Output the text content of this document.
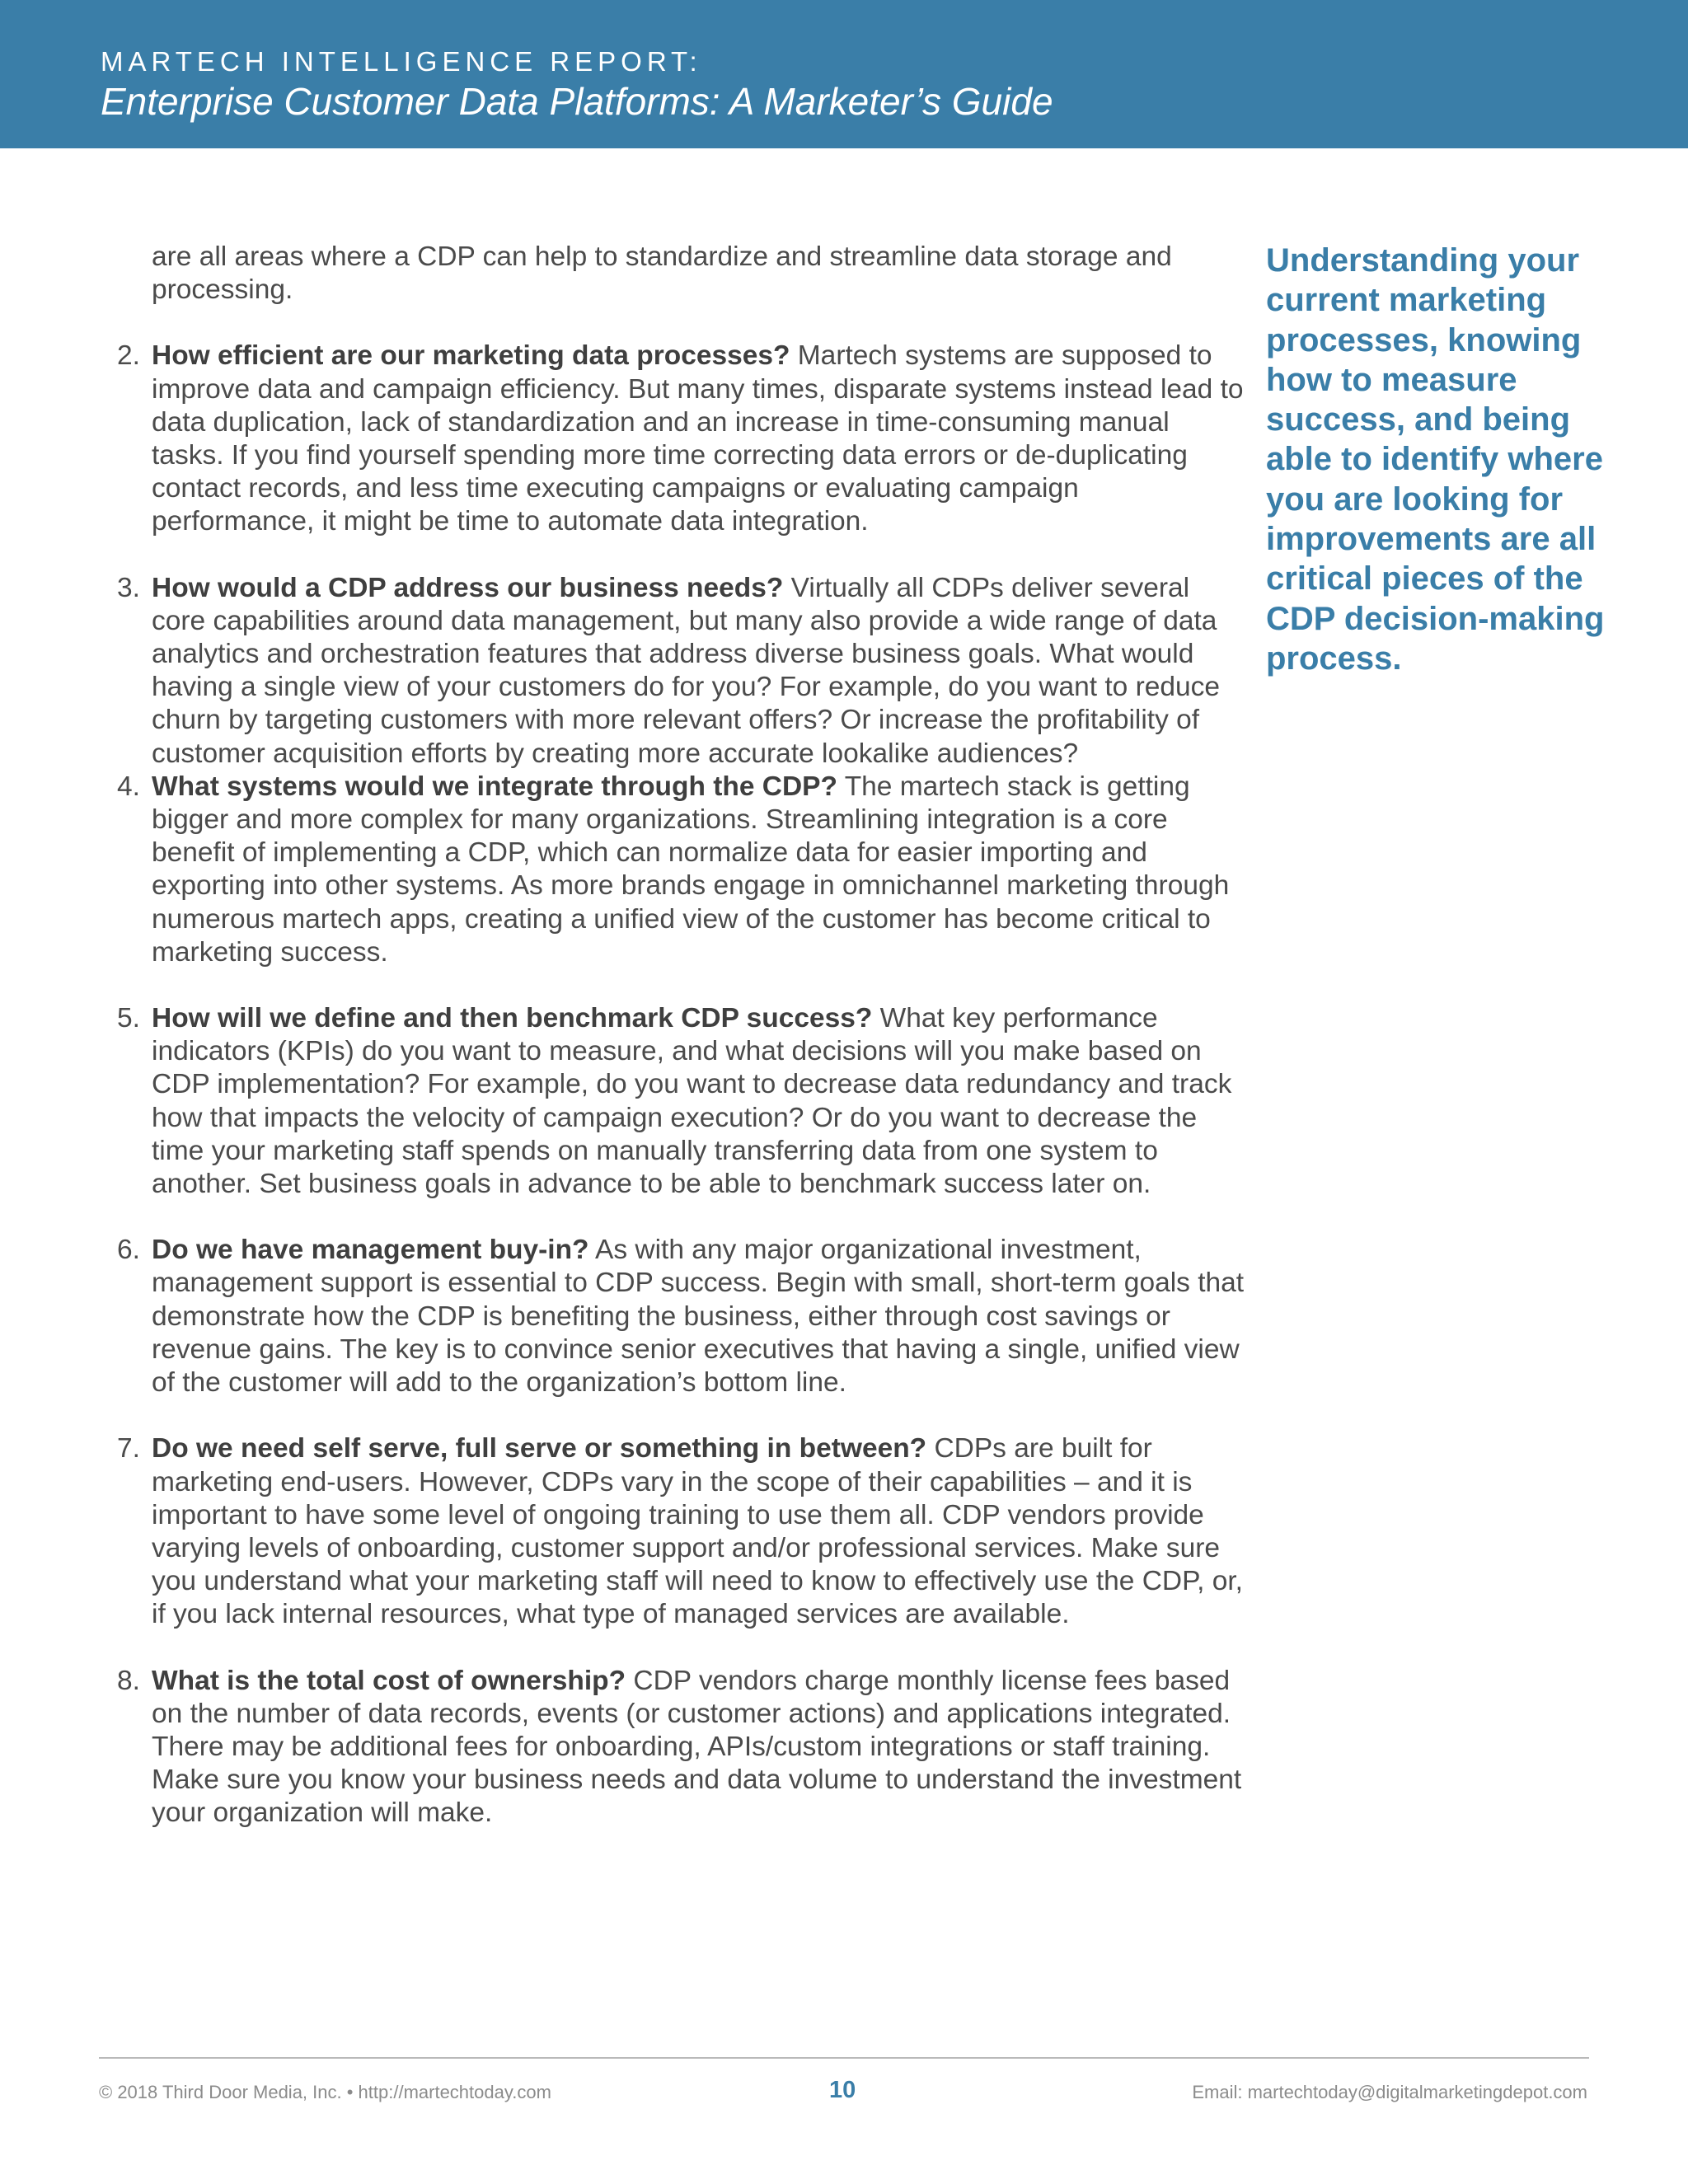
MARTECH INTELLIGENCE REPORT:
Enterprise Customer Data Platforms: A Marketer’s Guide
are all areas where a CDP can help to standardize and streamline data storage and processing.
2. How efficient are our marketing data processes? Martech systems are supposed to improve data and campaign efficiency. But many times, disparate systems instead lead to data duplication, lack of standardization and an increase in time-consuming manual tasks. If you find yourself spending more time correcting data errors or de-duplicating contact records, and less time executing campaigns or evaluating campaign performance, it might be time to automate data integration.
3. How would a CDP address our business needs? Virtually all CDPs deliver several core capabilities around data management, but many also provide a wide range of data analytics and orchestration features that address diverse business goals. What would having a single view of your customers do for you? For example, do you want to reduce churn by targeting customers with more relevant offers? Or increase the profitability of customer acquisition efforts by creating more accurate lookalike audiences?
4. What systems would we integrate through the CDP? The martech stack is getting bigger and more complex for many organizations. Streamlining integration is a core benefit of implementing a CDP, which can normalize data for easier importing and exporting into other systems. As more brands engage in omnichannel marketing through numerous martech apps, creating a unified view of the customer has become critical to marketing success.
5. How will we define and then benchmark CDP success? What key performance indicators (KPIs) do you want to measure, and what decisions will you make based on CDP implementation? For example, do you want to decrease data redundancy and track how that impacts the velocity of campaign execution? Or do you want to decrease the time your marketing staff spends on manually transferring data from one system to another. Set business goals in advance to be able to benchmark success later on.
6. Do we have management buy-in? As with any major organizational investment, management support is essential to CDP success. Begin with small, short-term goals that demonstrate how the CDP is benefiting the business, either through cost savings or revenue gains. The key is to convince senior executives that having a single, unified view of the customer will add to the organization’s bottom line.
7. Do we need self serve, full serve or something in between? CDPs are built for marketing end-users. However, CDPs vary in the scope of their capabilities – and it is important to have some level of ongoing training to use them all. CDP vendors provide varying levels of onboarding, customer support and/or professional services. Make sure you understand what your marketing staff will need to know to effectively use the CDP, or, if you lack internal resources, what type of managed services are available.
8. What is the total cost of ownership? CDP vendors charge monthly license fees based on the number of data records, events (or customer actions) and applications integrated. There may be additional fees for onboarding, APIs/custom integrations or staff training. Make sure you know your business needs and data volume to understand the investment your organization will make.
Understanding your current marketing processes, knowing how to measure success, and being able to identify where you are looking for improvements are all critical pieces of the CDP decision-making process.
© 2018 Third Door Media, Inc. • http://martechtoday.com	10	Email: martechtoday@digitalmarketingdepot.com
